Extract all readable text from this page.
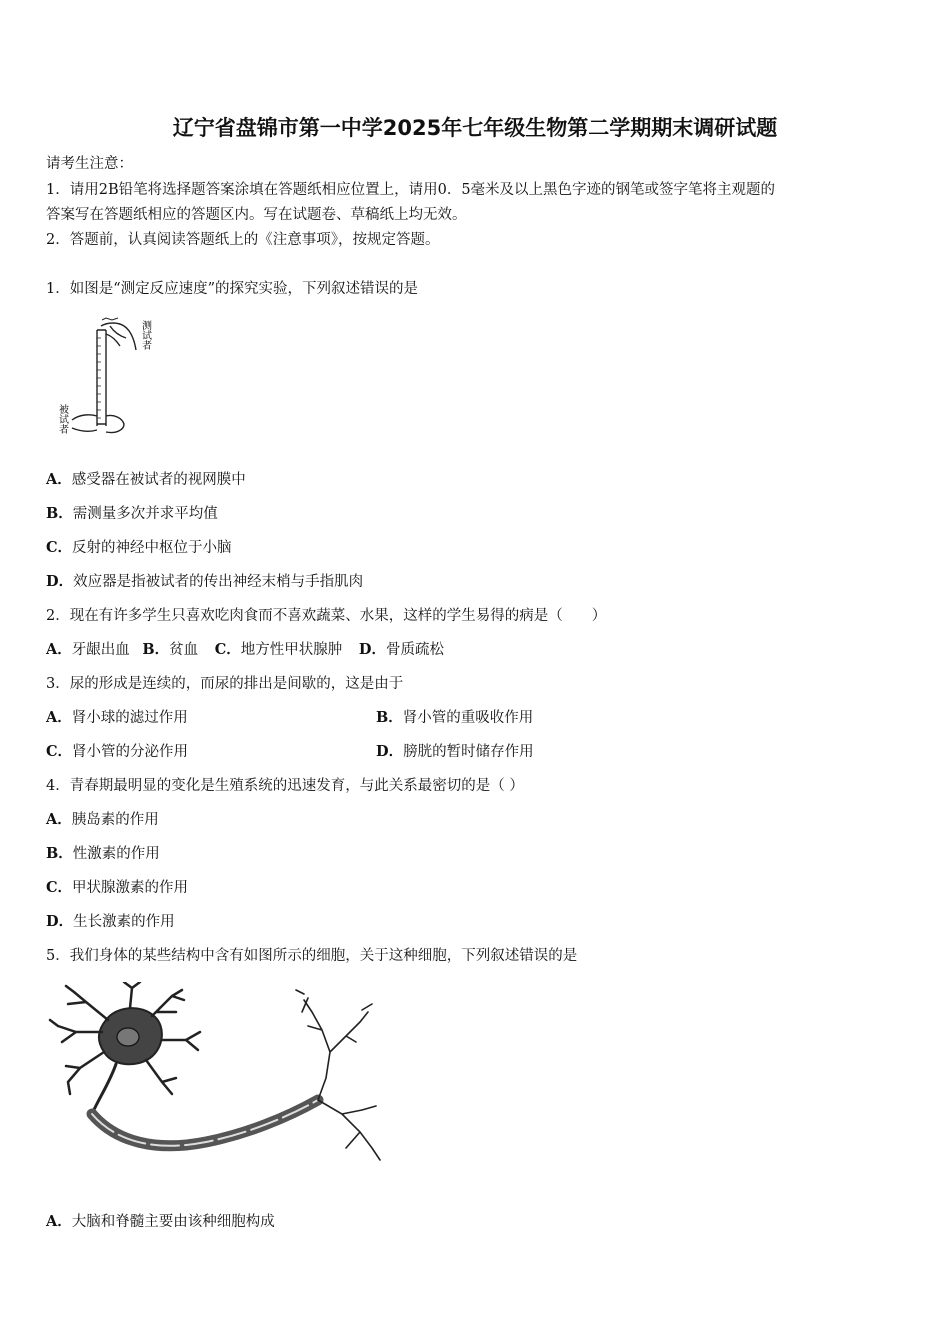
辽宁省盘锦市第一中学2025年七年级生物第二学期期末调研试题
请考生注意：
1．请用2B铅笔将选择题答案涂填在答题纸相应位置上，请用0．5毫米及以上黑色字迹的钢笔或签字笔将主观题的
答案写在答题纸相应的答题区内。写在试题卷、草稿纸上均无效。
2．答题前，认真阅读答题纸上的《注意事项》，按规定答题。
1．如图是“测定反应速度”的探究实验，下列叙述错误的是
测试者
被试者
A．感受器在被试者的视网膜中
B．需测量多次并求平均值
C．反射的神经中枢位于小脑
D．效应器是指被试者的传出神经末梢与手指肌肉
2．现在有许多学生只喜欢吃肉食而不喜欢蔬菜、水果，这样的学生易得的病是（　　）
A．牙龈出血 B．贫血 C．地方性甲状腺肿 D．骨质疏松
3．尿的形成是连续的，而尿的排出是间歇的，这是由于
A．肾小球的滤过作用	B．肾小管的重吸收作用
C．肾小管的分泌作用	D．膀胱的暂时储存作用
4．青春期最明显的变化是生殖系统的迅速发育，与此关系最密切的是（ ）
A．胰岛素的作用
B．性激素的作用
C．甲状腺激素的作用
D．生长激素的作用
5．我们身体的某些结构中含有如图所示的细胞，关于这种细胞，下列叙述错误的是
A．大脑和脊髓主要由该种细胞构成
